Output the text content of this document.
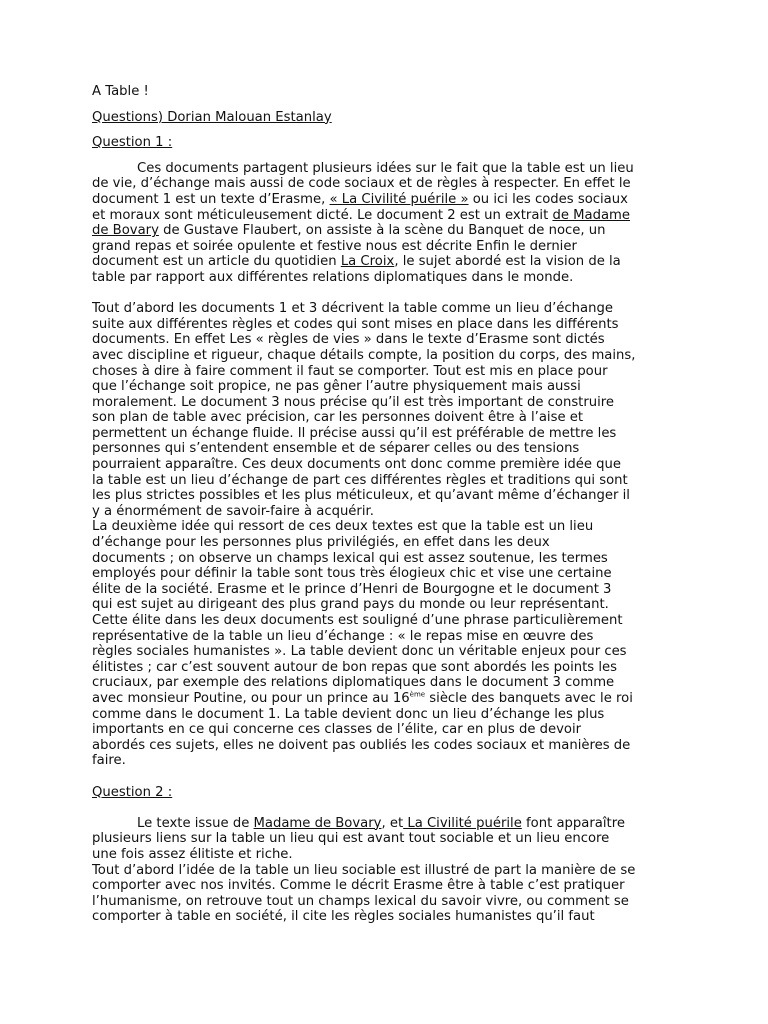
A Table !
Questions) Dorian Malouan Estanlay
Question 1 :
Ces documents partagent plusieurs idées sur le fait que la table est un lieu
de vie, d’échange mais aussi de code sociaux et de règles à respecter. En effet le
document 1 est un texte d’Erasme, « La Civilité puérile » ou ici les codes sociaux
et moraux sont méticuleusement dicté. Le document 2 est un extrait de Madame
de Bovary de Gustave Flaubert, on assiste à la scène du Banquet de noce, un
grand repas et soirée opulente et festive nous est décrite Enfin le dernier
document est un article du quotidien La Croix, le sujet abordé est la vision de la
table par rapport aux différentes relations diplomatiques dans le monde.
Tout d’abord les documents 1 et 3 décrivent la table comme un lieu d’échange
suite aux différentes règles et codes qui sont mises en place dans les différents
documents. En effet Les « règles de vies » dans le texte d’Erasme sont dictés
avec discipline et rigueur, chaque détails compte, la position du corps, des mains,
choses à dire à faire comment il faut se comporter. Tout est mis en place pour
que l’échange soit propice, ne pas gêner l’autre physiquement mais aussi
moralement. Le document 3 nous précise qu’il est très important de construire
son plan de table avec précision, car les personnes doivent être à l’aise et
permettent un échange fluide. Il précise aussi qu’il est préférable de mettre les
personnes qui s’entendent ensemble et de séparer celles ou des tensions
pourraient apparaître. Ces deux documents ont donc comme première idée que
la table est un lieu d’échange de part ces différentes règles et traditions qui sont
les plus strictes possibles et les plus méticuleux, et qu’avant même d’échanger il
y a énormément de savoir-faire à acquérir.
La deuxième idée qui ressort de ces deux textes est que la table est un lieu
d’échange pour les personnes plus privilégiés, en effet dans les deux
documents ; on observe un champs lexical qui est assez soutenue, les termes
employés pour définir la table sont tous très élogieux chic et vise une certaine
élite de la société. Erasme et le prince d’Henri de Bourgogne et le document 3
qui est sujet au dirigeant des plus grand pays du monde ou leur représentant.
Cette élite dans les deux documents est souligné d’une phrase particulièrement
représentative de la table un lieu d’échange : « le repas mise en œuvre des
règles sociales humanistes ». La table devient donc un véritable enjeux pour ces
élitistes ; car c’est souvent autour de bon repas que sont abordés les points les
cruciaux, par exemple des relations diplomatiques dans le document 3 comme
avec monsieur Poutine, ou pour un prince au 16ème siècle des banquets avec le roi
comme dans le document 1. La table devient donc un lieu d’échange les plus
importants en ce qui concerne ces classes de l’élite, car en plus de devoir
abordés ces sujets, elles ne doivent pas oubliés les codes sociaux et manières de
faire.
Question 2 :
Le texte issue de Madame de Bovary, et La Civilité puérile font apparaître
plusieurs liens sur la table un lieu qui est avant tout sociable et un lieu encore
une fois assez élitiste et riche.
Tout d’abord l’idée de la table un lieu sociable est illustré de part la manière de se
comporter avec nos invités. Comme le décrit Erasme être à table c’est pratiquer
l’humanisme, on retrouve tout un champs lexical du savoir vivre, ou comment se
comporter à table en société, il cite les règles sociales humanistes qu’il faut
